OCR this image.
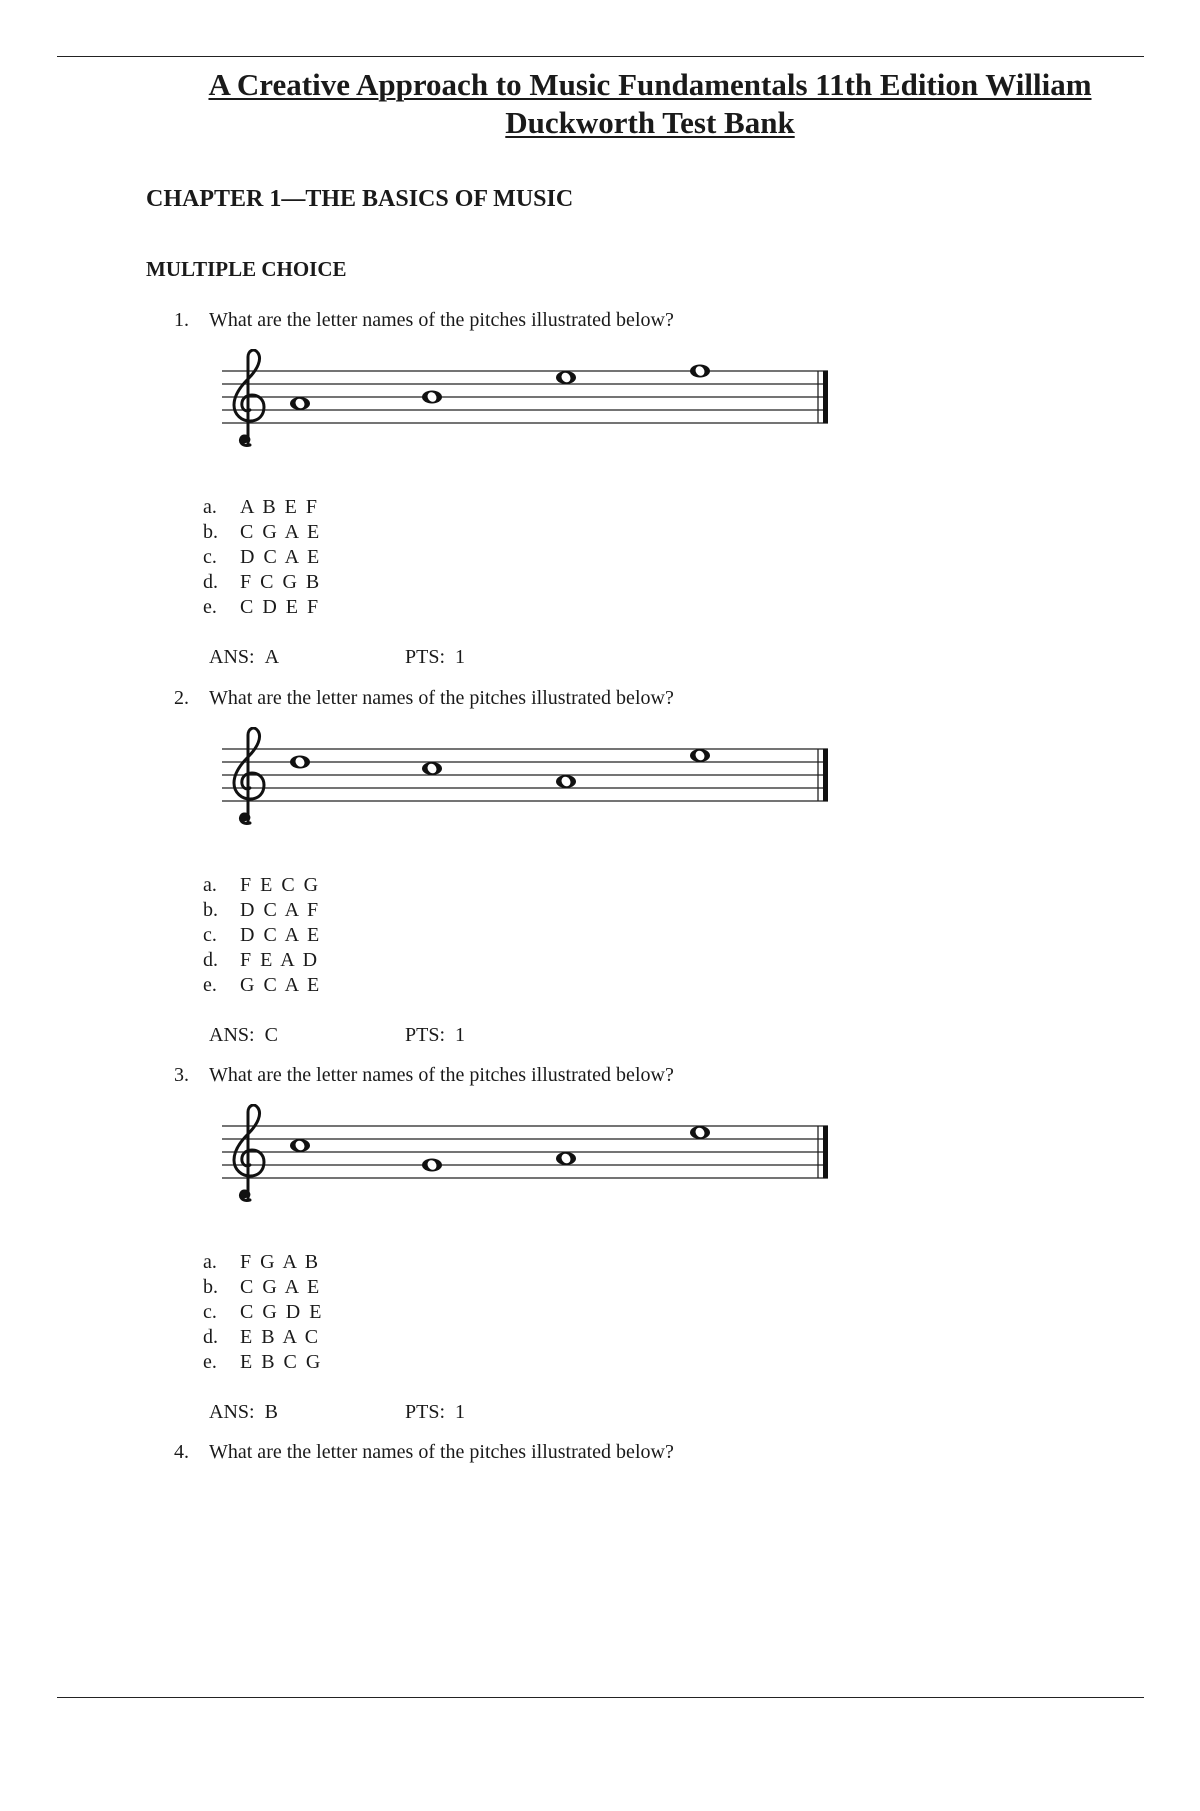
A Creative Approach to Music Fundamentals 11th Edition William Duckworth Test Bank
CHAPTER 1—THE BASICS OF MUSIC
MULTIPLE CHOICE
1. What are the letter names of the pitches illustrated below?
a. A B E F
b. C G A E
c. D C A E
d. F C G B
e. C D E F
ANS: A	PTS: 1
2. What are the letter names of the pitches illustrated below?
a. F E C G
b. D C A F
c. D C A E
d. F E A D
e. G C A E
ANS: C	PTS: 1
3. What are the letter names of the pitches illustrated below?
a. F G A B
b. C G A E
c. C G D E
d. E B A C
e. E B C G
ANS: B	PTS: 1
4. What are the letter names of the pitches illustrated below?
